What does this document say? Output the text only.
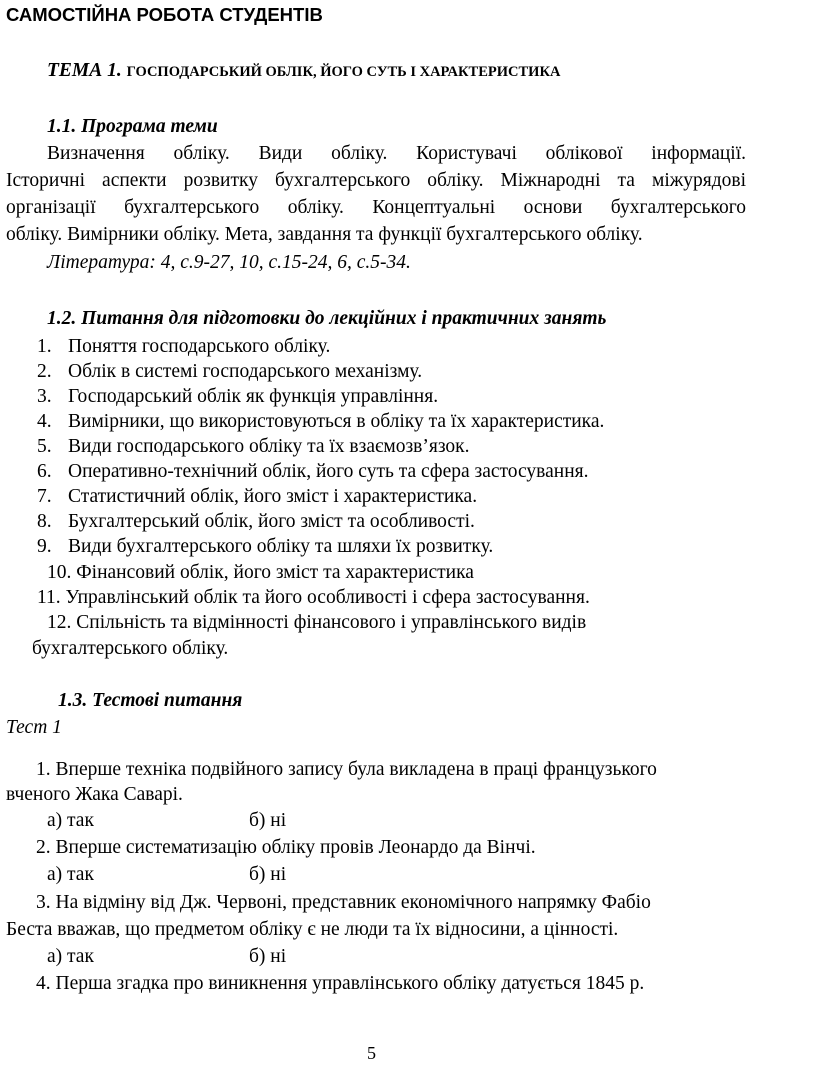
САМОСТІЙНА РОБОТА СТУДЕНТІВ
ТЕМА 1. ГОСПОДАРСЬКИЙ ОБЛІК, ЙОГО СУТЬ І ХАРАКТЕРИСТИКА
1.1. Програма теми
Визначення обліку. Види обліку. Користувачі облікової інформації.
Історичні аспекти розвитку бухгалтерського обліку. Міжнародні та міжурядові
організації бухгалтерського обліку. Концептуальні основи бухгалтерського
обліку. Вимірники обліку. Мета, завдання та функції бухгалтерського обліку.
Література: 4, с.9-27, 10, с.15-24, 6, с.5-34.
1.2. Питання для підготовки до лекційних і практичних занять
1. Поняття господарського обліку.
2. Облік в системі господарського механізму.
3. Господарський облік як функція управління.
4. Вимірники, що використовуються в обліку та їх характеристика.
5. Види господарського обліку та їх взаємозв’язок.
6. Оперативно-технічний облік, його суть та сфера застосування.
7. Статистичний облік, його зміст і характеристика.
8. Бухгалтерський облік, його зміст та особливості.
9. Види бухгалтерського обліку та шляхи їх розвитку.
10. Фінансовий облік, його зміст та характеристика
11. Управлінський облік та його особливості і сфера застосування.
12. Спільність та відмінності фінансового і управлінського видів
бухгалтерського обліку.
1.3. Тестові питання
Тест 1
1. Вперше техніка подвійного запису була викладена в праці французького
вченого Жака Саварі.
а) так	б) ні
2. Вперше систематизацію обліку провів Леонардо да Вінчі.
а) так	б) ні
3. На відміну від Дж. Червоні, представник економічного напрямку Фабіо
Беста вважав, що предметом обліку є не люди та їх відносини, а цінності.
а) так	б) ні
4. Перша згадка про виникнення управлінського обліку датується 1845 р.
5
